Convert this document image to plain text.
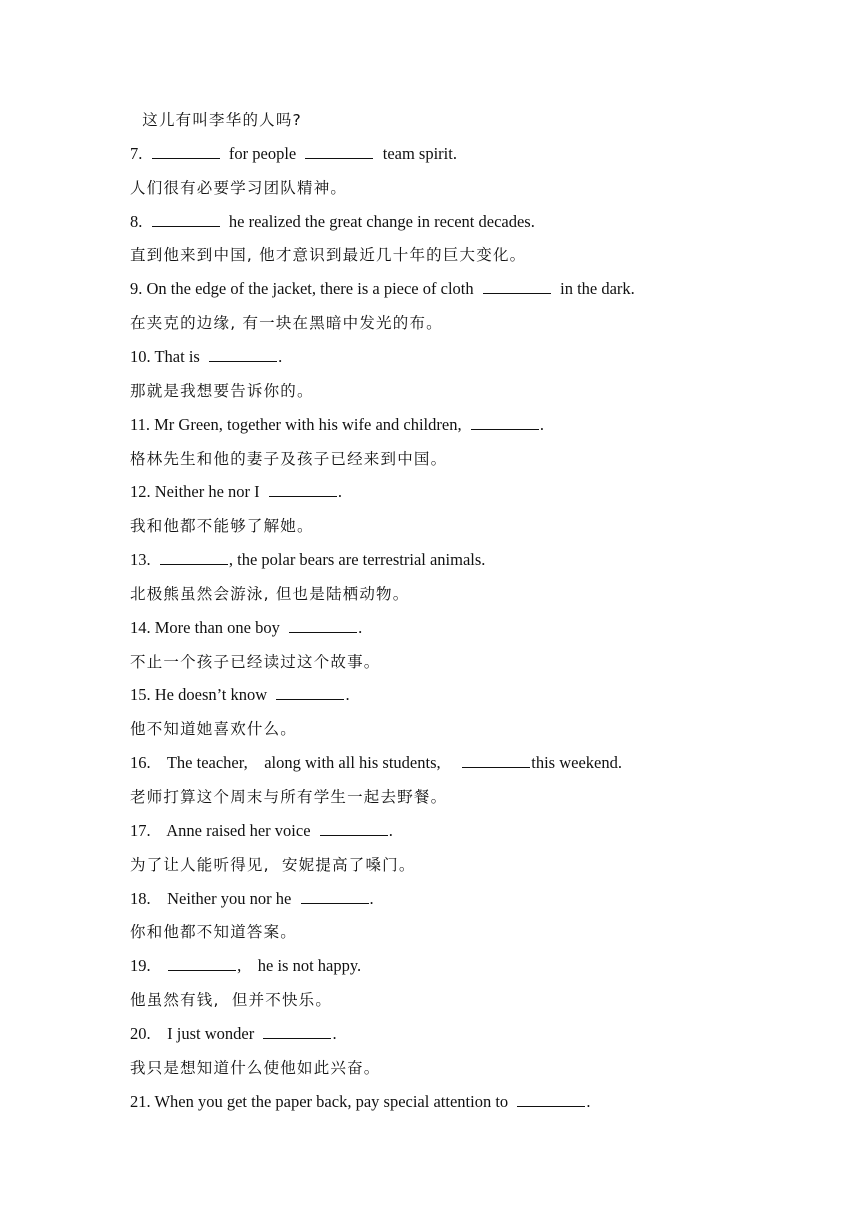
这儿有叫李华的人吗?
7.	for people	team spirit.
人们很有必要学习团队精神。
8.	he realized the great change in recent decades.
直到他来到中国, 他才意识到最近几十年的巨大变化。
9. On the edge of the jacket, there is a piece of cloth	in the dark.
在夹克的边缘, 有一块在黑暗中发光的布。
10. That is	.
那就是我想要告诉你的。
11. Mr Green, together with his wife and children,	.
格林先生和他的妻子及孩子已经来到中国。
12. Neither he nor I	.
我和他都不能够了解她。
13.	, the polar bears are terrestrial animals.
北极熊虽然会游泳, 但也是陆栖动物。
14. More than one boy	.
不止一个孩子已经读过这个故事。
15. He doesn’t know	.
他不知道她喜欢什么。
16.    The teacher,    along with all his students,	this weekend.
老师打算这个周末与所有学生一起去野餐。
17.    Anne raised her voice	.
为了让人能听得见,  安妮提高了嗓门。
18.    Neither you nor he	.
你和他都不知道答案。
19.	,    he is not happy.
他虽然有钱,  但并不快乐。
20.    I just wonder	.
我只是想知道什么使他如此兴奋。
21. When you get the paper back, pay special attention to	.
